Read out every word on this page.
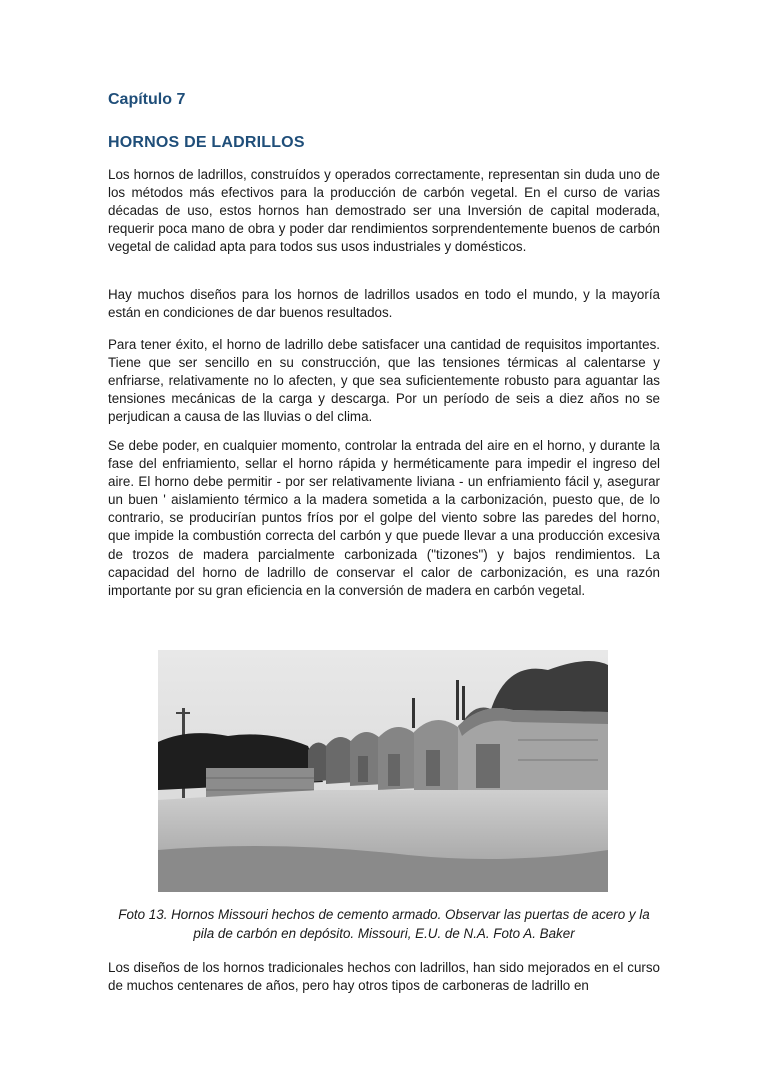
Capítulo 7
HORNOS DE LADRILLOS

Los hornos de ladrillos, construídos y operados correctamente, representan sin duda uno de los métodos más efectivos para la producción de carbón vegetal. En el curso de varias décadas de uso, estos hornos han demostrado ser una Inversión de capital moderada, requerir poca mano de obra y poder dar rendimientos sorprendentemente buenos de carbón vegetal de calidad apta para todos sus usos industriales y domésticos.

Hay muchos diseños para los hornos de ladrillos usados en todo el mundo, y la mayoría están en condiciones de dar buenos resultados.

Para tener éxito, el horno de ladrillo debe satisfacer una cantidad de requisitos importantes. Tiene que ser sencillo en su construcción, que las tensiones térmicas al calentarse y enfriarse, relativamente no lo afecten, y que sea suficientemente robusto para aguantar las tensiones mecánicas de la carga y descarga. Por un período de seis a diez años no se perjudican a causa de las lluvias o del clima.

Se debe poder, en cualquier momento, controlar la entrada del aire en el horno, y durante la fase del enfriamiento, sellar el horno rápida y herméticamente para impedir el ingreso del aire. El horno debe permitir - por ser relativamente liviana - un enfriamiento fácil y, asegurar un buen ' aislamiento térmico a la madera sometida a la carbonización, puesto que, de lo contrario, se producirían puntos fríos por el golpe del viento sobre las paredes del horno, que impide la combustión correcta del carbón y que puede llevar a una producción excesiva de trozos de madera parcialmente carbonizada ("tizones") y bajos rendimientos. La capacidad del horno de ladrillo de conservar el calor de carbonización, es una razón importante por su gran eficiencia en la conversión de madera en carbón vegetal.

Foto 13. Hornos Missouri hechos de cemento armado. Observar las puertas de acero y la pila de carbón en depósito. Missouri, E.U. de N.A. Foto A. Baker

Los diseños de los hornos tradicionales hechos con ladrillos, han sido mejorados en el curso de muchos centenares de años, pero hay otros tipos de carboneras de ladrillo en
